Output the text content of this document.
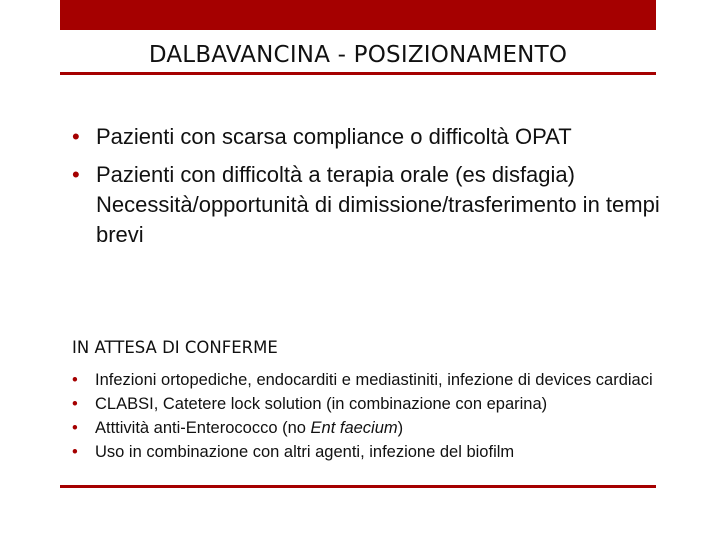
DALBAVANCINA - POSIZIONAMENTO
• Pazienti con scarsa compliance o difficoltà OPAT
• Pazienti con difficoltà a terapia orale (es disfagia) Necessità/opportunità di dimissione/trasferimento in tempi brevi
IN ATTESA DI CONFERME
• Infezioni ortopediche, endocarditi e mediastiniti, infezione di devices cardiaci
• CLABSI, Catetere lock solution (in combinazione con eparina)
• Atttività anti-Enterococco (no Ent faecium)
• Uso in combinazione con altri agenti, infezione del biofilm
